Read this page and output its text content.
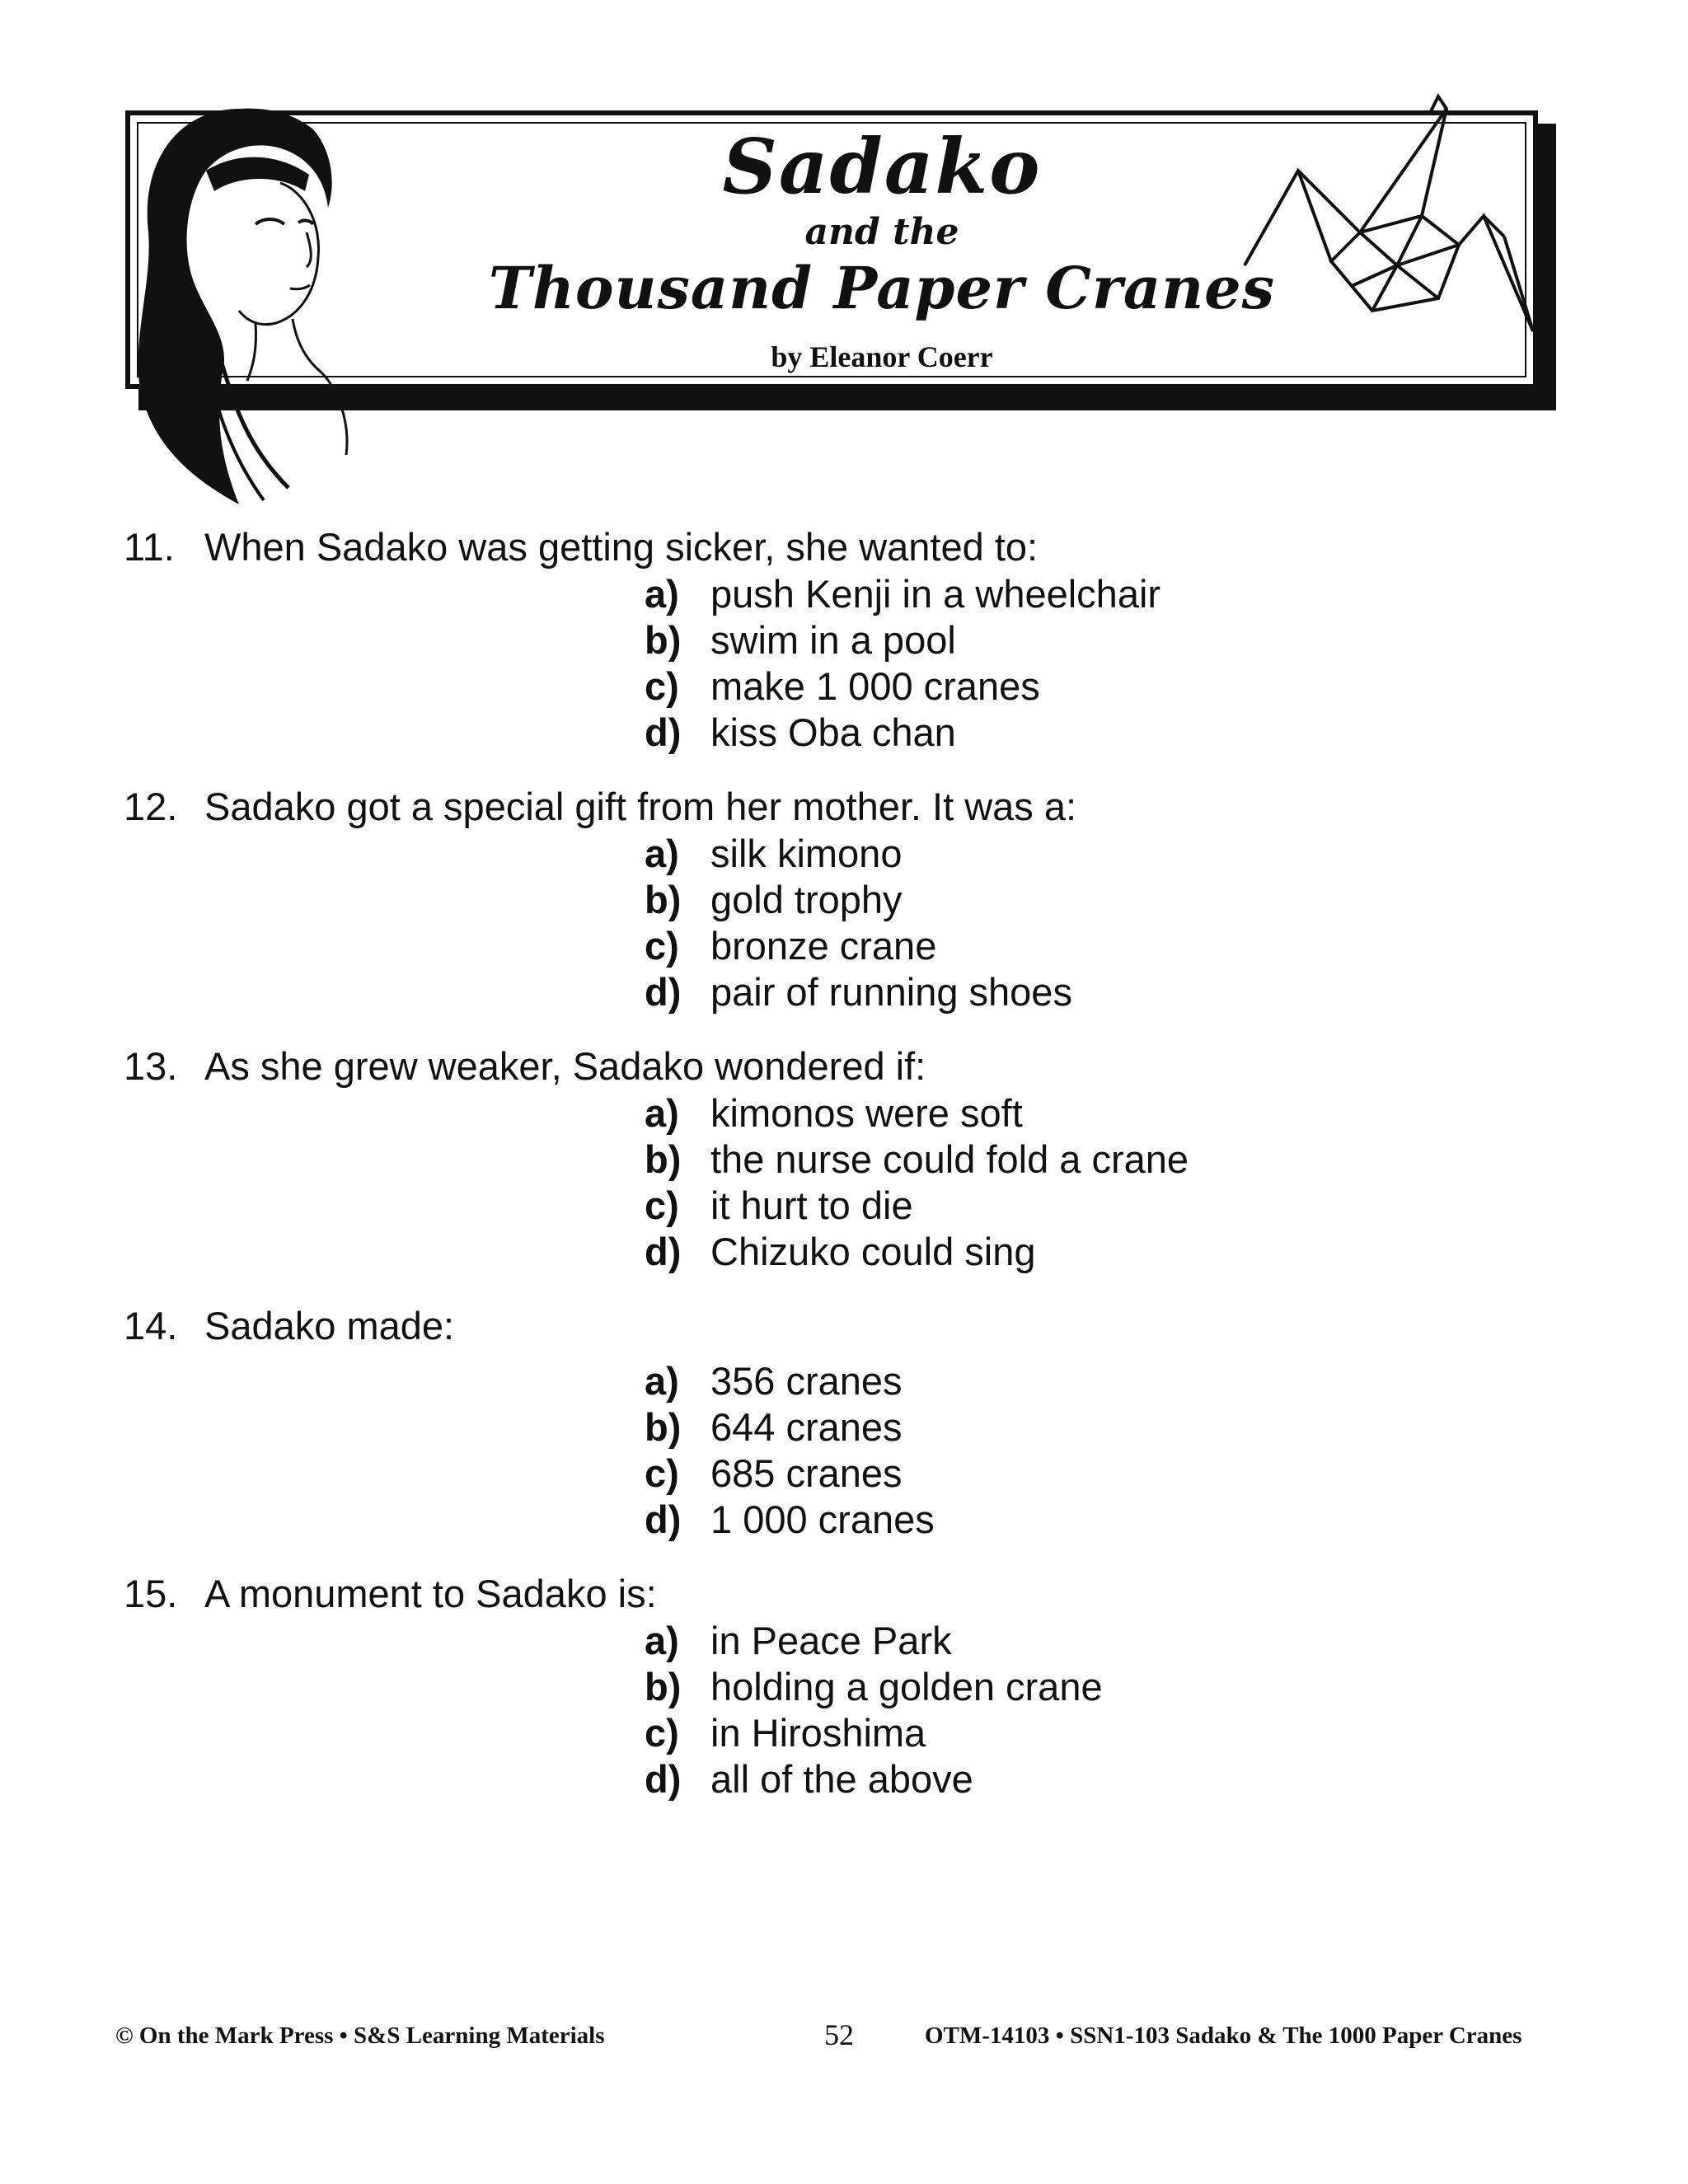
Sadako
and the
Thousand Paper Cranes
by Eleanor Coerr
11. When Sadako was getting sicker, she wanted to:
a) push Kenji in a wheelchair
b) swim in a pool
c) make 1 000 cranes
d) kiss Oba chan
12. Sadako got a special gift from her mother. It was a:
a) silk kimono
b) gold trophy
c) bronze crane
d) pair of running shoes
13. As she grew weaker, Sadako wondered if:
a) kimonos were soft
b) the nurse could fold a crane
c) it hurt to die
d) Chizuko could sing
14. Sadako made:
a) 356 cranes
b) 644 cranes
c) 685 cranes
d) 1 000 cranes
15. A monument to Sadako is:
a) in Peace Park
b) holding a golden crane
c) in Hiroshima
d) all of the above
© On the Mark Press • S&S Learning Materials	52	OTM-14103 • SSN1-103 Sadako & The 1000 Paper Cranes
